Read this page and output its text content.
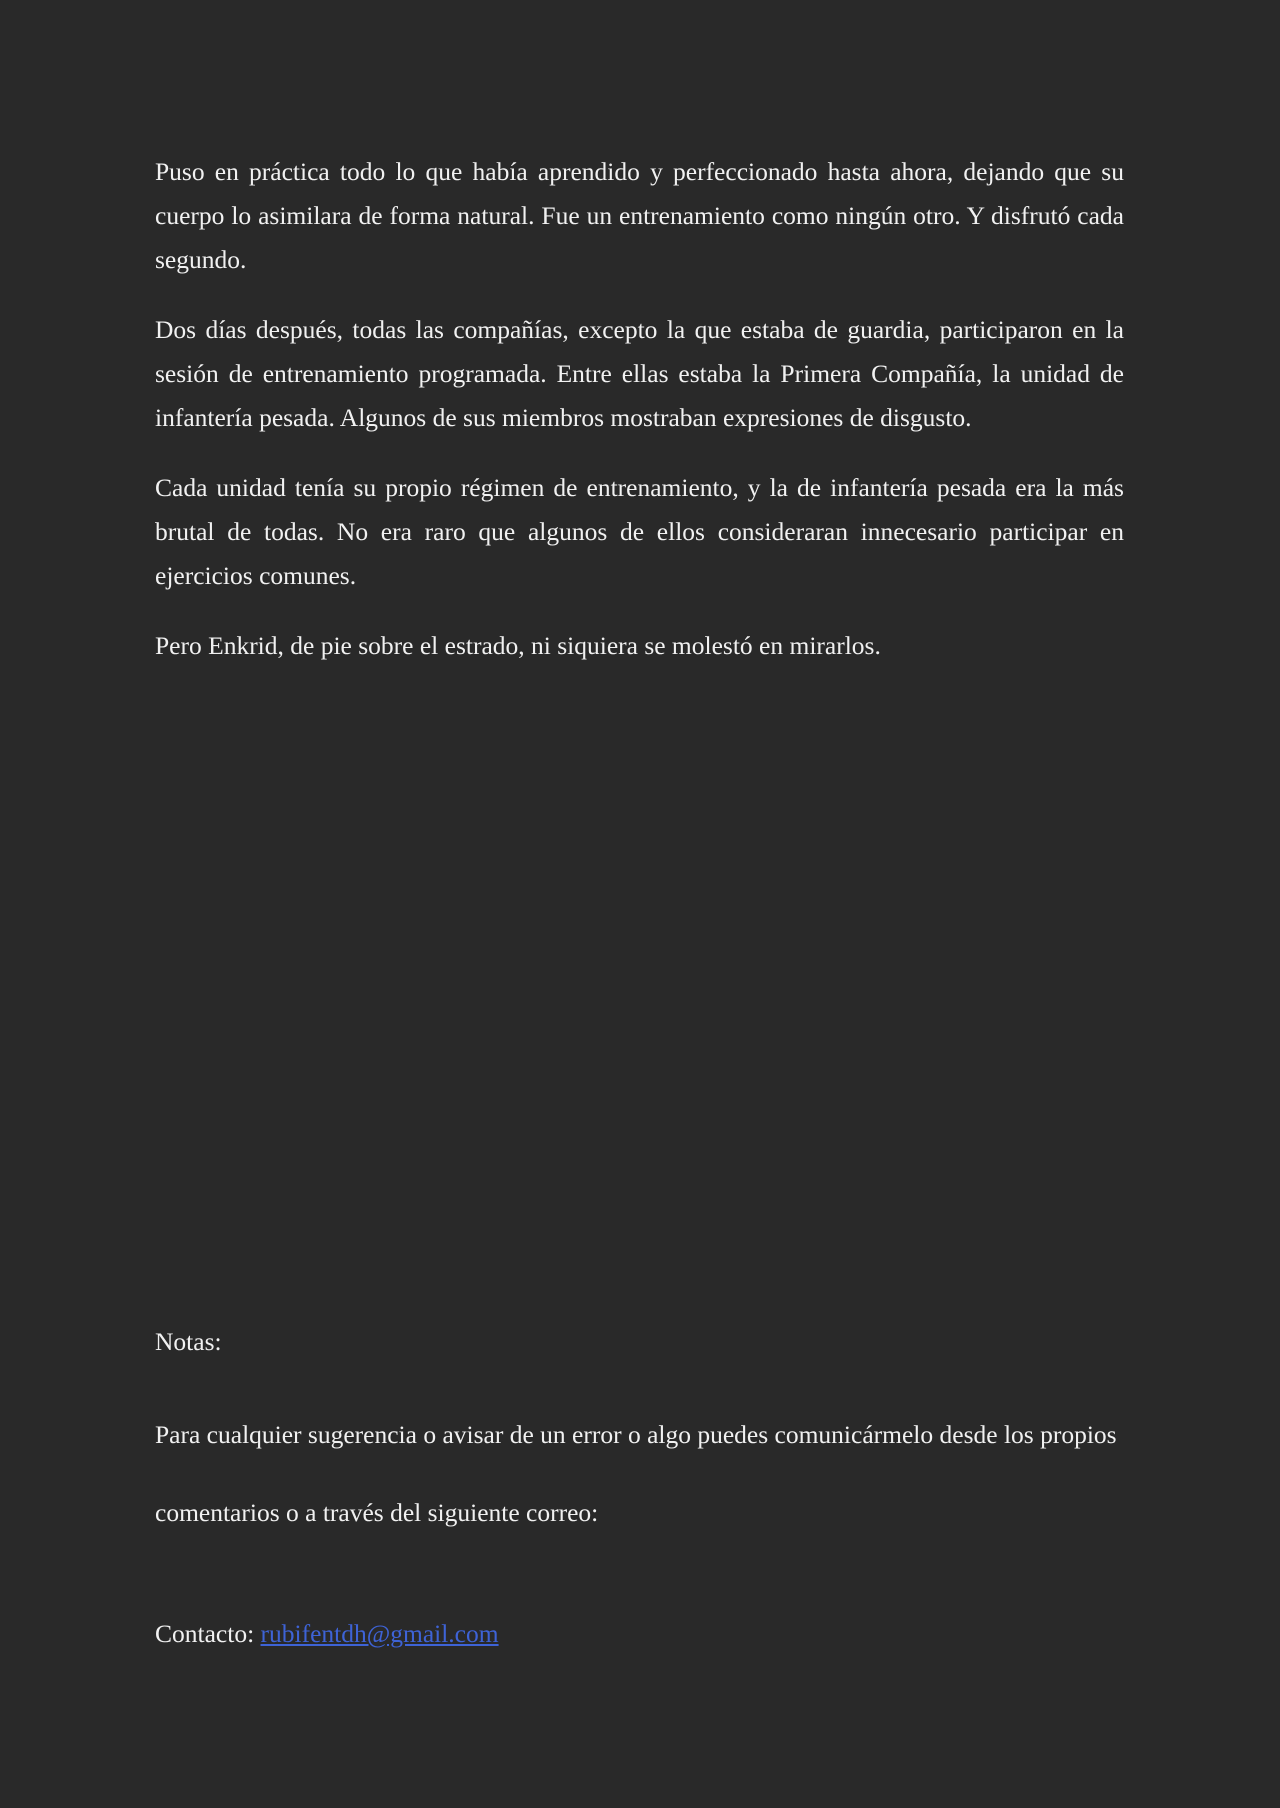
Puso en práctica todo lo que había aprendido y perfeccionado hasta ahora, dejando que su cuerpo lo asimilara de forma natural. Fue un entrenamiento como ningún otro. Y disfrutó cada segundo.

Dos días después, todas las compañías, excepto la que estaba de guardia, participaron en la sesión de entrenamiento programada. Entre ellas estaba la Primera Compañía, la unidad de infantería pesada. Algunos de sus miembros mostraban expresiones de disgusto.

Cada unidad tenía su propio régimen de entrenamiento, y la de infantería pesada era la más brutal de todas. No era raro que algunos de ellos consideraran innecesario participar en ejercicios comunes.

Pero Enkrid, de pie sobre el estrado, ni siquiera se molestó en mirarlos.

Notas:

Para cualquier sugerencia o avisar de un error o algo puedes comunicármelo desde los propios comentarios o a través del siguiente correo:

Contacto: rubifentdh@gmail.com
